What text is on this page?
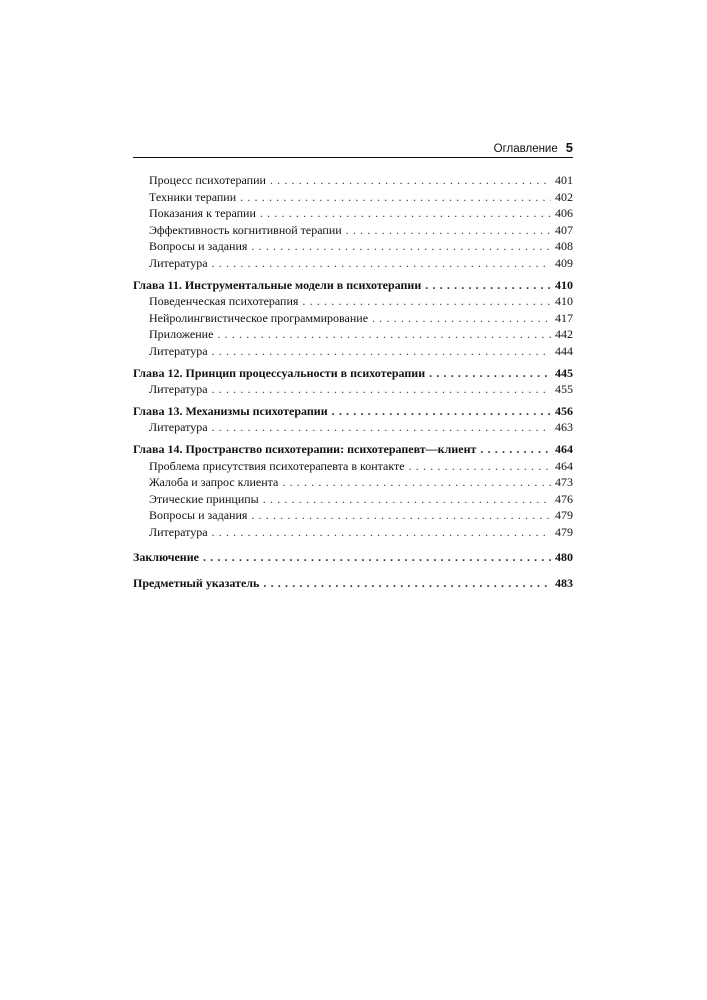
Оглавление 5
Процесс психотерапии . . .	401
Техники терапии . . .	402
Показания к терапии . . .	406
Эффективность когнитивной терапии . . .	407
Вопросы и задания . . .	408
Литература . . .	409
Глава 11. Инструментальные модели в психотерапии . . .	410
Поведенческая психотерапия . . .	410
Нейролингвистическое программирование . . .	417
Приложение . . .	442
Литература . . .	444
Глава 12. Принцип процессуальности в психотерапии . . .	445
Литература . . .	455
Глава 13. Механизмы психотерапии . . .	456
Литература . . .	463
Глава 14. Пространство психотерапии: психотерапевт—клиент . . .	464
Проблема присутствия психотерапевта в контакте . . .	464
Жалоба и запрос клиента . . .	473
Этические принципы . . .	476
Вопросы и задания . . .	479
Литература . . .	479
Заключение . . .	480
Предметный указатель . . .	483
